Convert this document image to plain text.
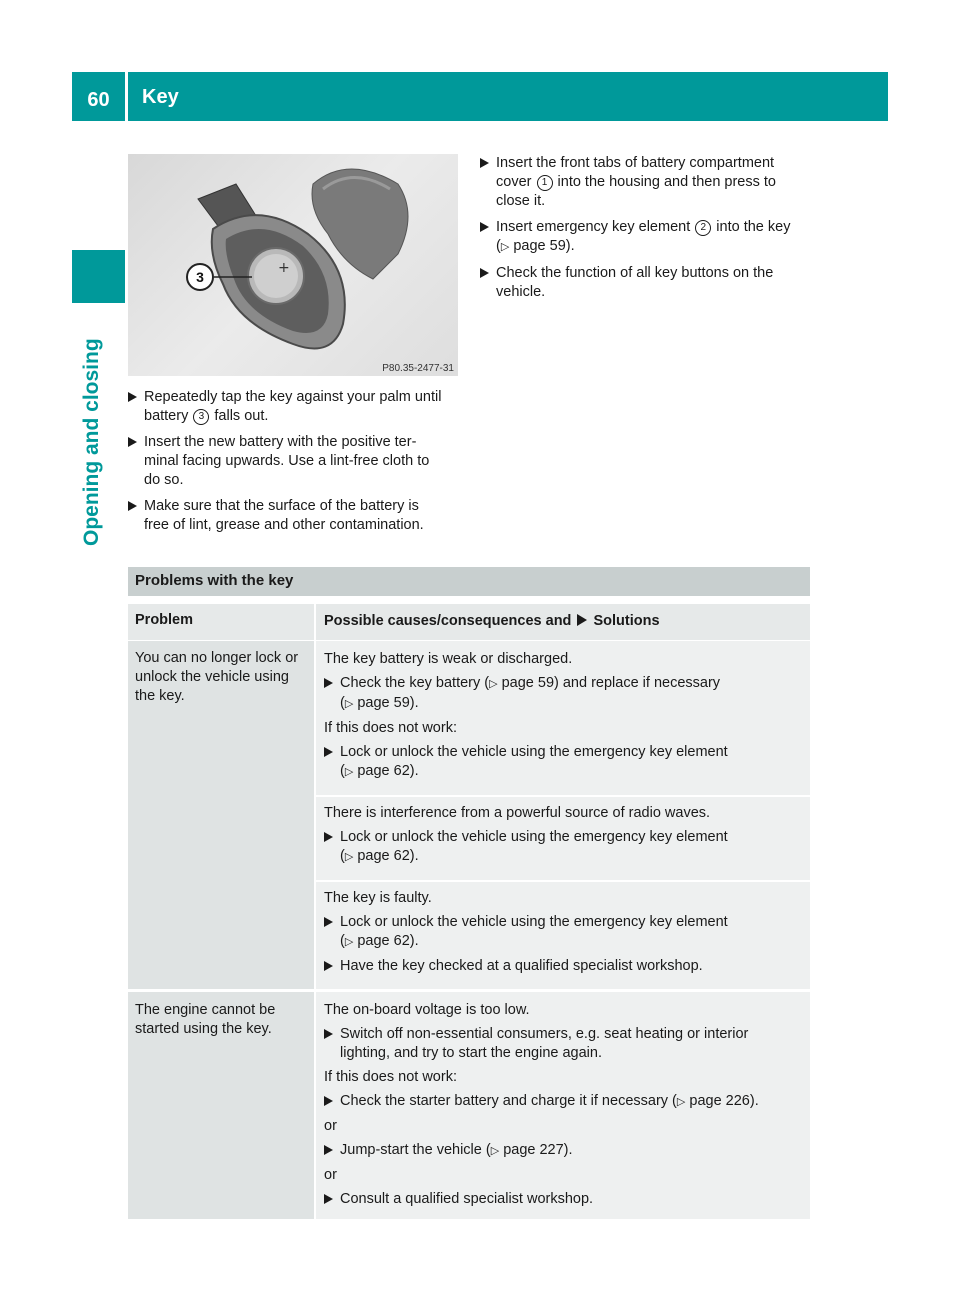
60	Key
Opening and closing
+
3
P80.35-2477-31
Repeatedly tap the key against your palm until
battery 3 falls out.
Insert the new battery with the positive ter-
minal facing upwards. Use a lint-free cloth to
do so.
Make sure that the surface of the battery is
free of lint, grease and other contamination.
Insert the front tabs of battery compartment
cover 1 into the housing and then press to
close it.
Insert emergency key element 2 into the key
(▷ page 59).
Check the function of all key buttons on the
vehicle.
Problems with the key
Problem	Possible causes/consequences and Solutions
You can no longer lock or unlock the vehicle using the key.
The key battery is weak or discharged.
Check the key battery (▷ page 59) and replace if necessary
(▷ page 59).
If this does not work:
Lock or unlock the vehicle using the emergency key element
(▷ page 62).
There is interference from a powerful source of radio waves.
Lock or unlock the vehicle using the emergency key element
(▷ page 62).
The key is faulty.
Lock or unlock the vehicle using the emergency key element
(▷ page 62).
Have the key checked at a qualified specialist workshop.
The engine cannot be started using the key.
The on-board voltage is too low.
Switch off non-essential consumers, e.g. seat heating or interior
lighting, and try to start the engine again.
If this does not work:
Check the starter battery and charge it if necessary (▷ page 226).
or
Jump-start the vehicle (▷ page 227).
or
Consult a qualified specialist workshop.
